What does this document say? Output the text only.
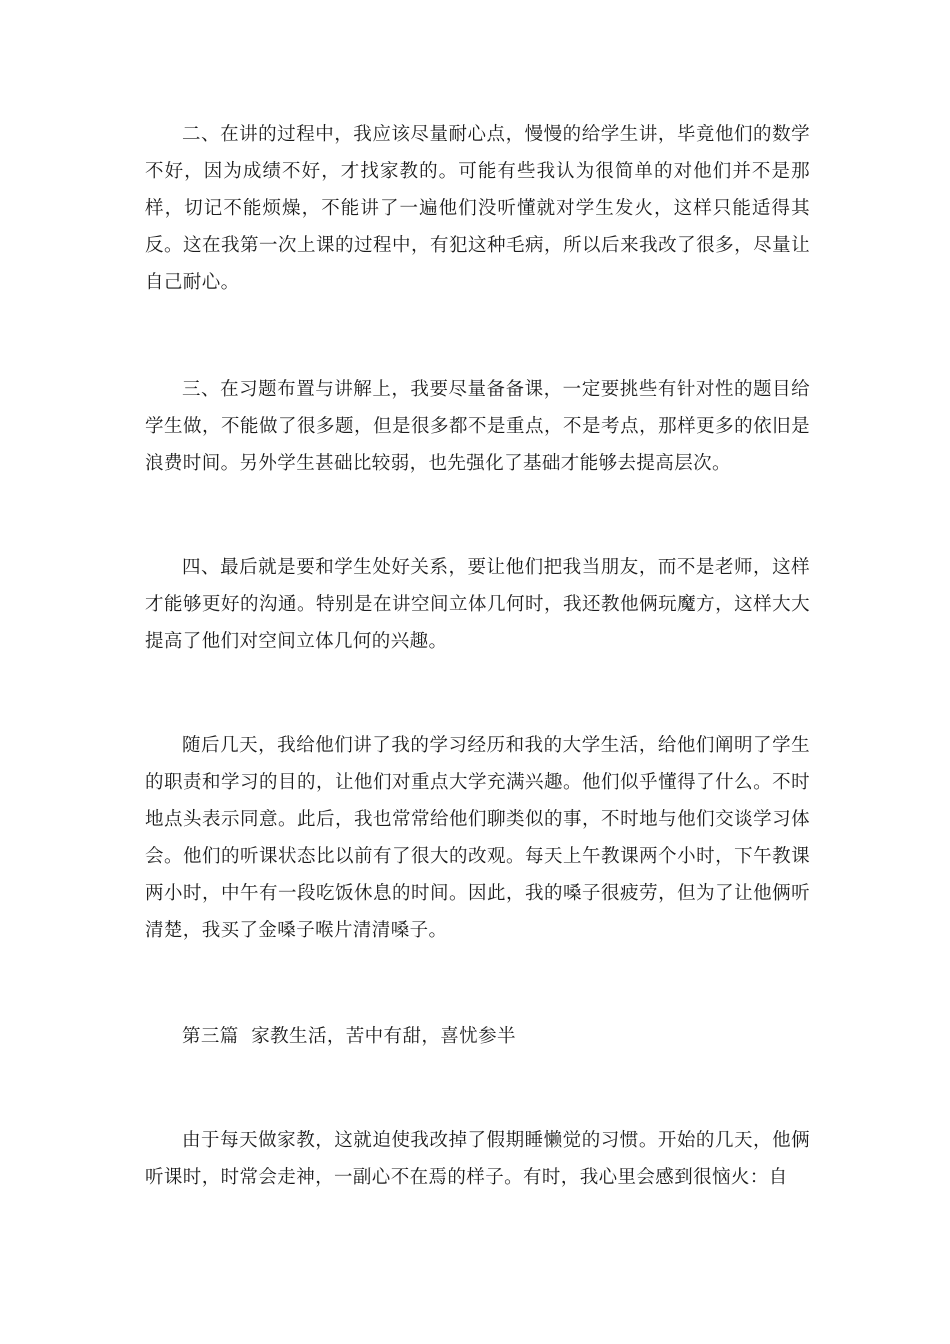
二、在讲的过程中，我应该尽量耐心点，慢慢的给学生讲，毕竟他们的数学不好，因为成绩不好，才找家教的。可能有些我认为很简单的对他们并不是那样，切记不能烦燥，不能讲了一遍他们没听懂就对学生发火，这样只能适得其反。这在我第一次上课的过程中，有犯这种毛病，所以后来我改了很多，尽量让自己耐心。

三、在习题布置与讲解上，我要尽量备备课，一定要挑些有针对性的题目给学生做，不能做了很多题，但是很多都不是重点，不是考点，那样更多的依旧是浪费时间。另外学生甚础比较弱，也先强化了基础才能够去提高层次。

四、最后就是要和学生处好关系，要让他们把我当朋友，而不是老师，这样才能够更好的沟通。特别是在讲空间立体几何时，我还教他俩玩魔方，这样大大提高了他们对空间立体几何的兴趣。

随后几天，我给他们讲了我的学习经历和我的大学生活，给他们阐明了学生的职责和学习的目的，让他们对重点大学充满兴趣。他们似乎懂得了什么。不时地点头表示同意。此后，我也常常给他们聊类似的事，不时地与他们交谈学习体会。他们的听课状态比以前有了很大的改观。每天上午教课两个小时，下午教课两小时，中午有一段吃饭休息的时间。因此，我的嗓子很疲劳，但为了让他俩听清楚，我买了金嗓子喉片清清嗓子。

第三篇  家教生活，苦中有甜，喜忧参半

由于每天做家教，这就迫使我改掉了假期睡懒觉的习惯。开始的几天，他俩听课时，时常会走神，一副心不在焉的样子。有时，我心里会感到很恼火：自
